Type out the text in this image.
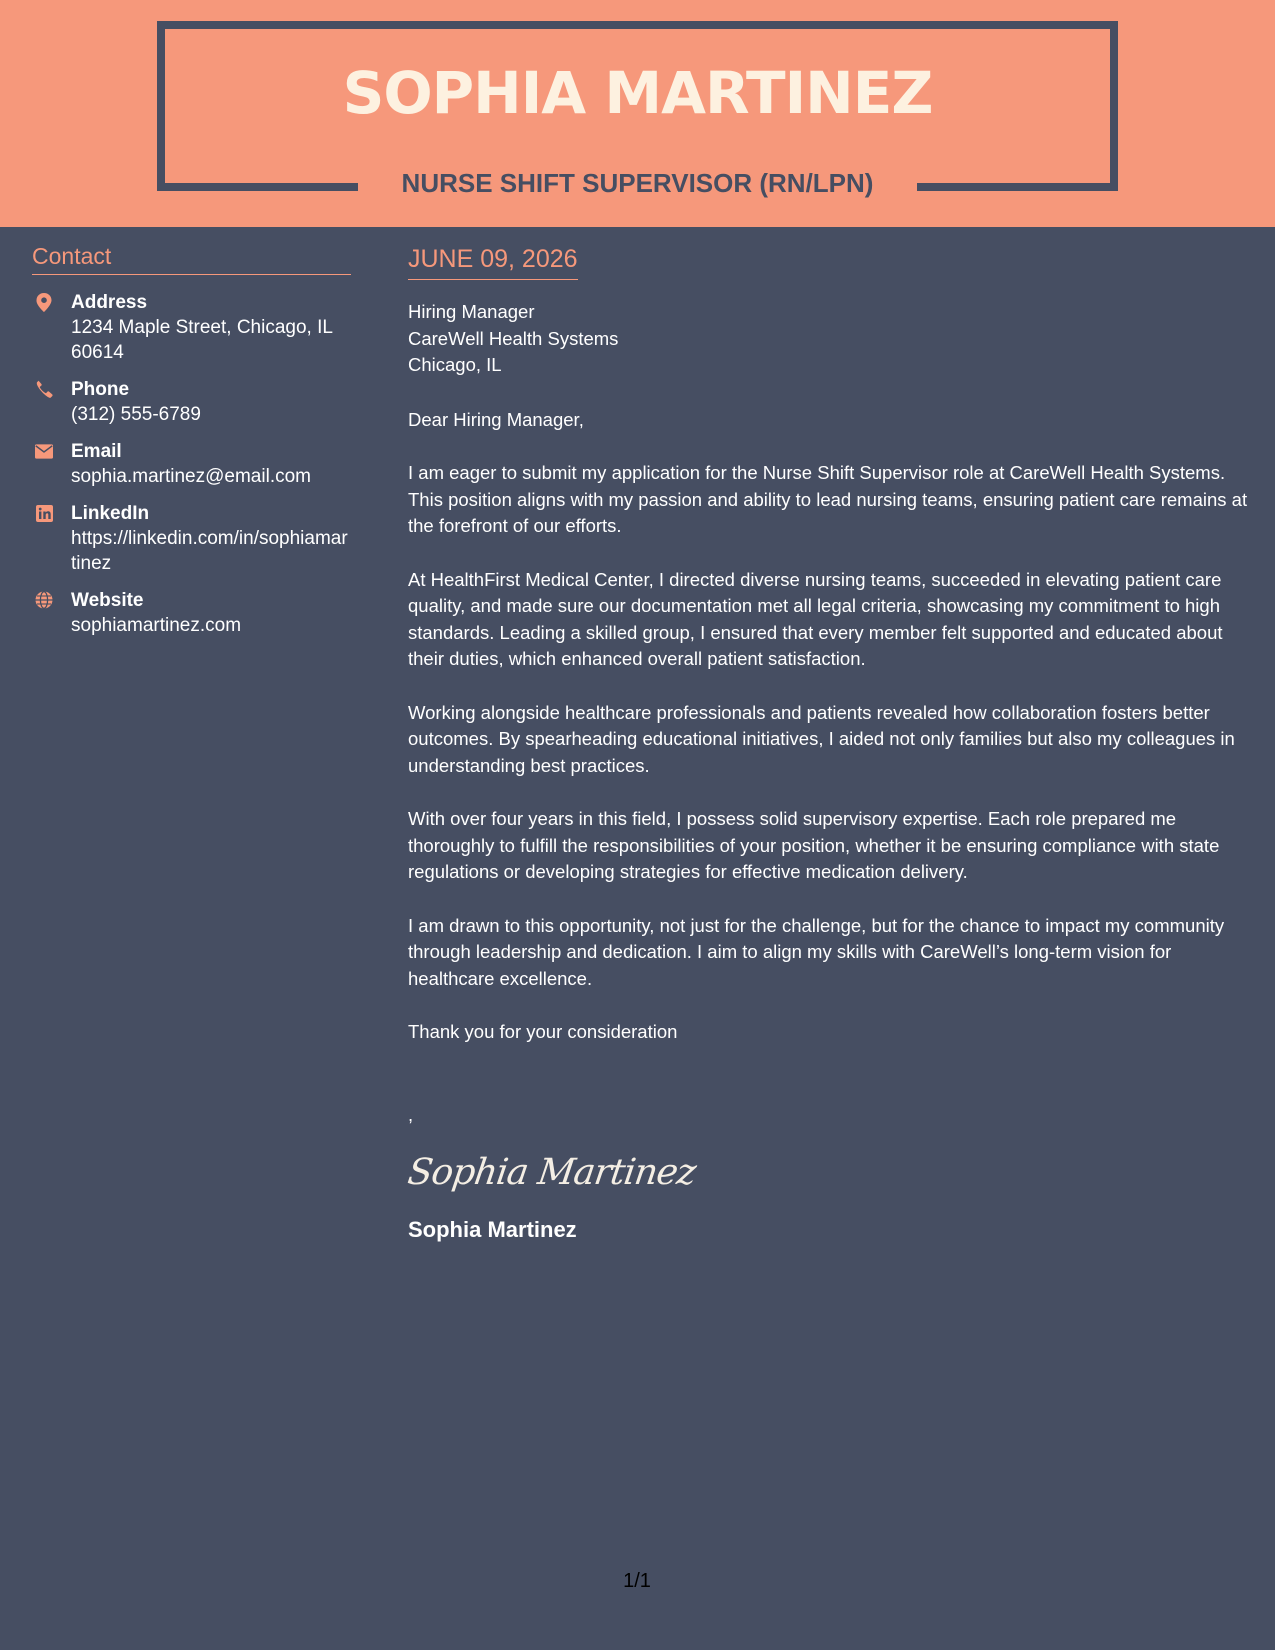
SOPHIA MARTINEZ
NURSE SHIFT SUPERVISOR (RN/LPN)
Contact
Address
1234 Maple Street, Chicago, IL 60614
Phone
(312) 555-6789
Email
sophia.martinez@email.com
LinkedIn
https://linkedin.com/in/sophiamartinez
Website
sophiamartinez.com
JUNE 09, 2026
Hiring Manager
CareWell Health Systems
Chicago, IL
Dear Hiring Manager,
I am eager to submit my application for the Nurse Shift Supervisor role at CareWell Health Systems. This position aligns with my passion and ability to lead nursing teams, ensuring patient care remains at the forefront of our efforts.
At HealthFirst Medical Center, I directed diverse nursing teams, succeeded in elevating patient care quality, and made sure our documentation met all legal criteria, showcasing my commitment to high standards. Leading a skilled group, I ensured that every member felt supported and educated about their duties, which enhanced overall patient satisfaction.
Working alongside healthcare professionals and patients revealed how collaboration fosters better outcomes. By spearheading educational initiatives, I aided not only families but also my colleagues in understanding best practices.
With over four years in this field, I possess solid supervisory expertise. Each role prepared me thoroughly to fulfill the responsibilities of your position, whether it be ensuring compliance with state regulations or developing strategies for effective medication delivery.
I am drawn to this opportunity, not just for the challenge, but for the chance to impact my community through leadership and dedication. I aim to align my skills with CareWell’s long-term vision for healthcare excellence.
Thank you for your consideration
,
Sophia Martinez
Sophia Martinez
1/1
